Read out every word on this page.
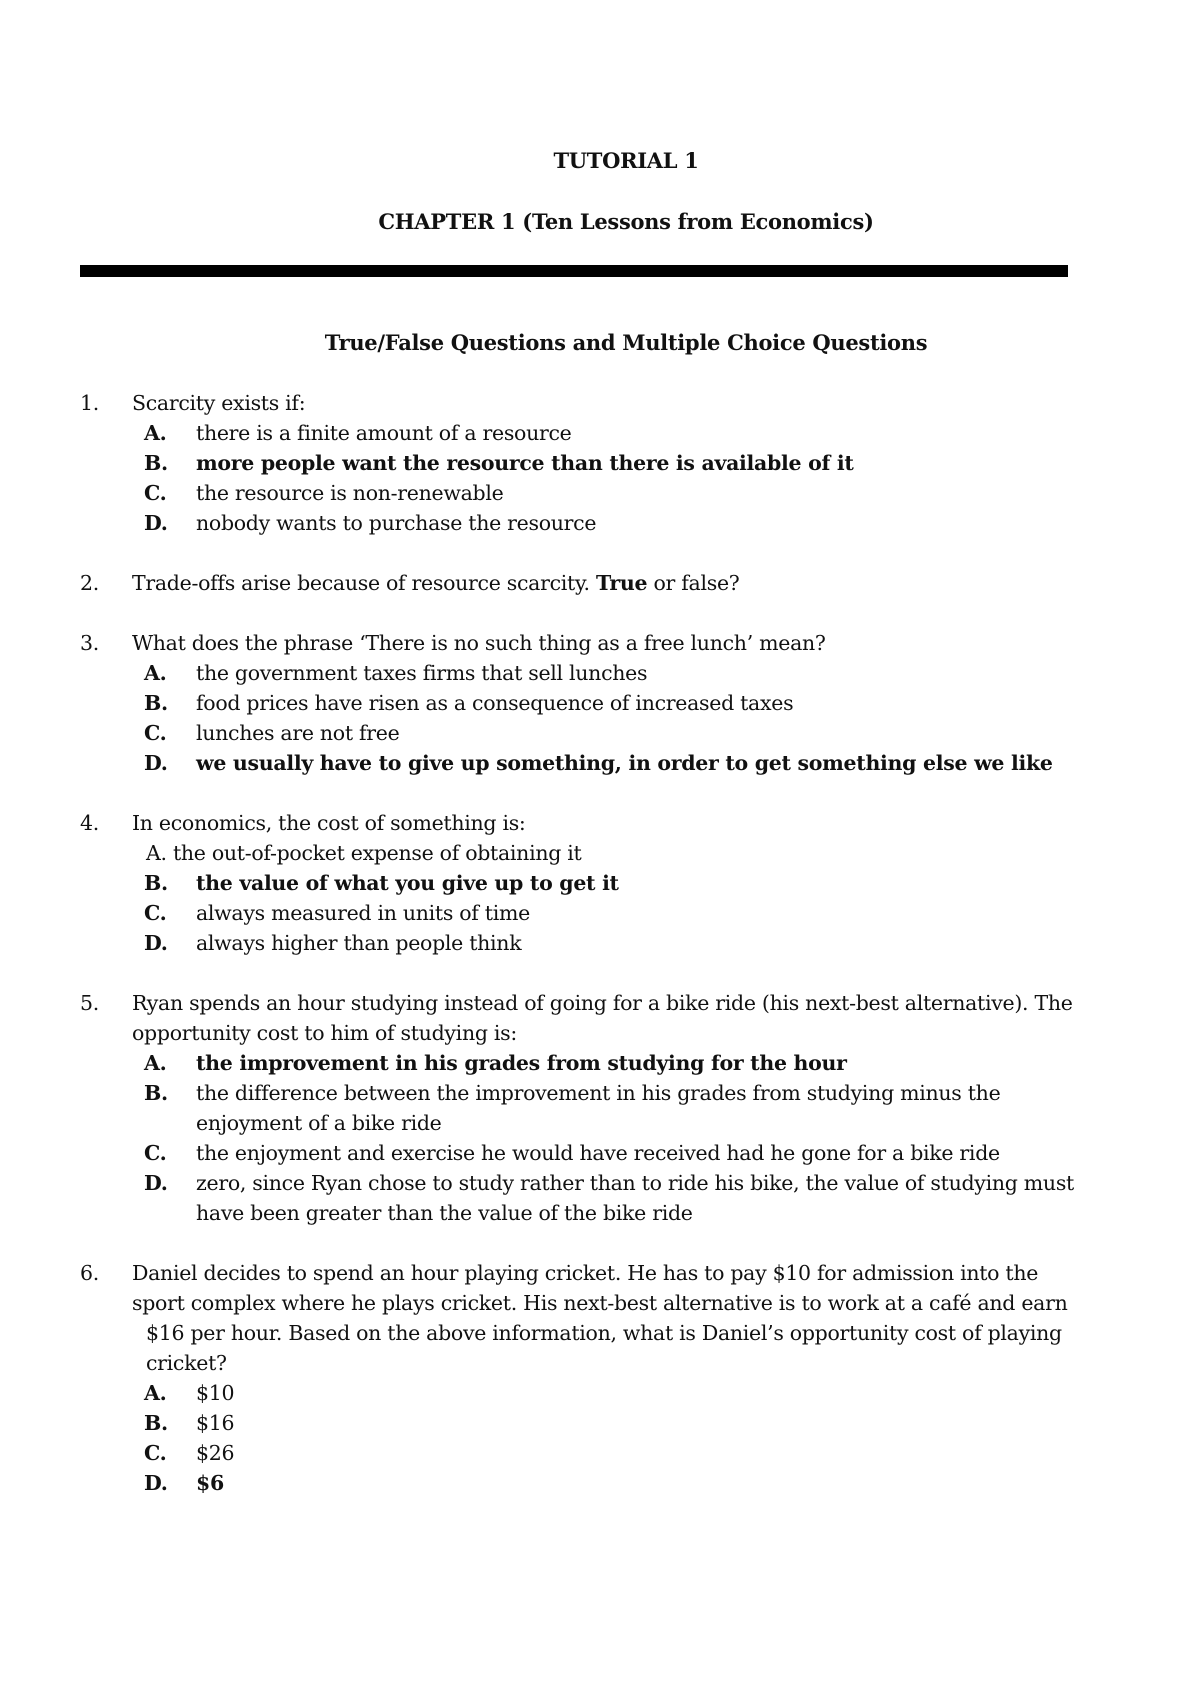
TUTORIAL 1
CHAPTER 1 (Ten Lessons from Economics)
True/False Questions and Multiple Choice Questions
1. Scarcity exists if:
A. there is a finite amount of a resource
B. more people want the resource than there is available of it
C. the resource is non-renewable
D. nobody wants to purchase the resource
2. Trade-offs arise because of resource scarcity. True or false?
3. What does the phrase ‘There is no such thing as a free lunch’ mean?
A. the government taxes firms that sell lunches
B. food prices have risen as a consequence of increased taxes
C. lunches are not free
D. we usually have to give up something, in order to get something else we like
4. In economics, the cost of something is:
A. the out-of-pocket expense of obtaining it
B. the value of what you give up to get it
C. always measured in units of time
D. always higher than people think
5. Ryan spends an hour studying instead of going for a bike ride (his next-best alternative). The opportunity cost to him of studying is:
A. the improvement in his grades from studying for the hour
B. the difference between the improvement in his grades from studying minus the enjoyment of a bike ride
C. the enjoyment and exercise he would have received had he gone for a bike ride
D. zero, since Ryan chose to study rather than to ride his bike, the value of studying must have been greater than the value of the bike ride
6. Daniel decides to spend an hour playing cricket. He has to pay $10 for admission into the sport complex where he plays cricket. His next-best alternative is to work at a café and earn
$16 per hour. Based on the above information, what is Daniel’s opportunity cost of playing cricket?
A. $10
B. $16
C. $26
D. $6
